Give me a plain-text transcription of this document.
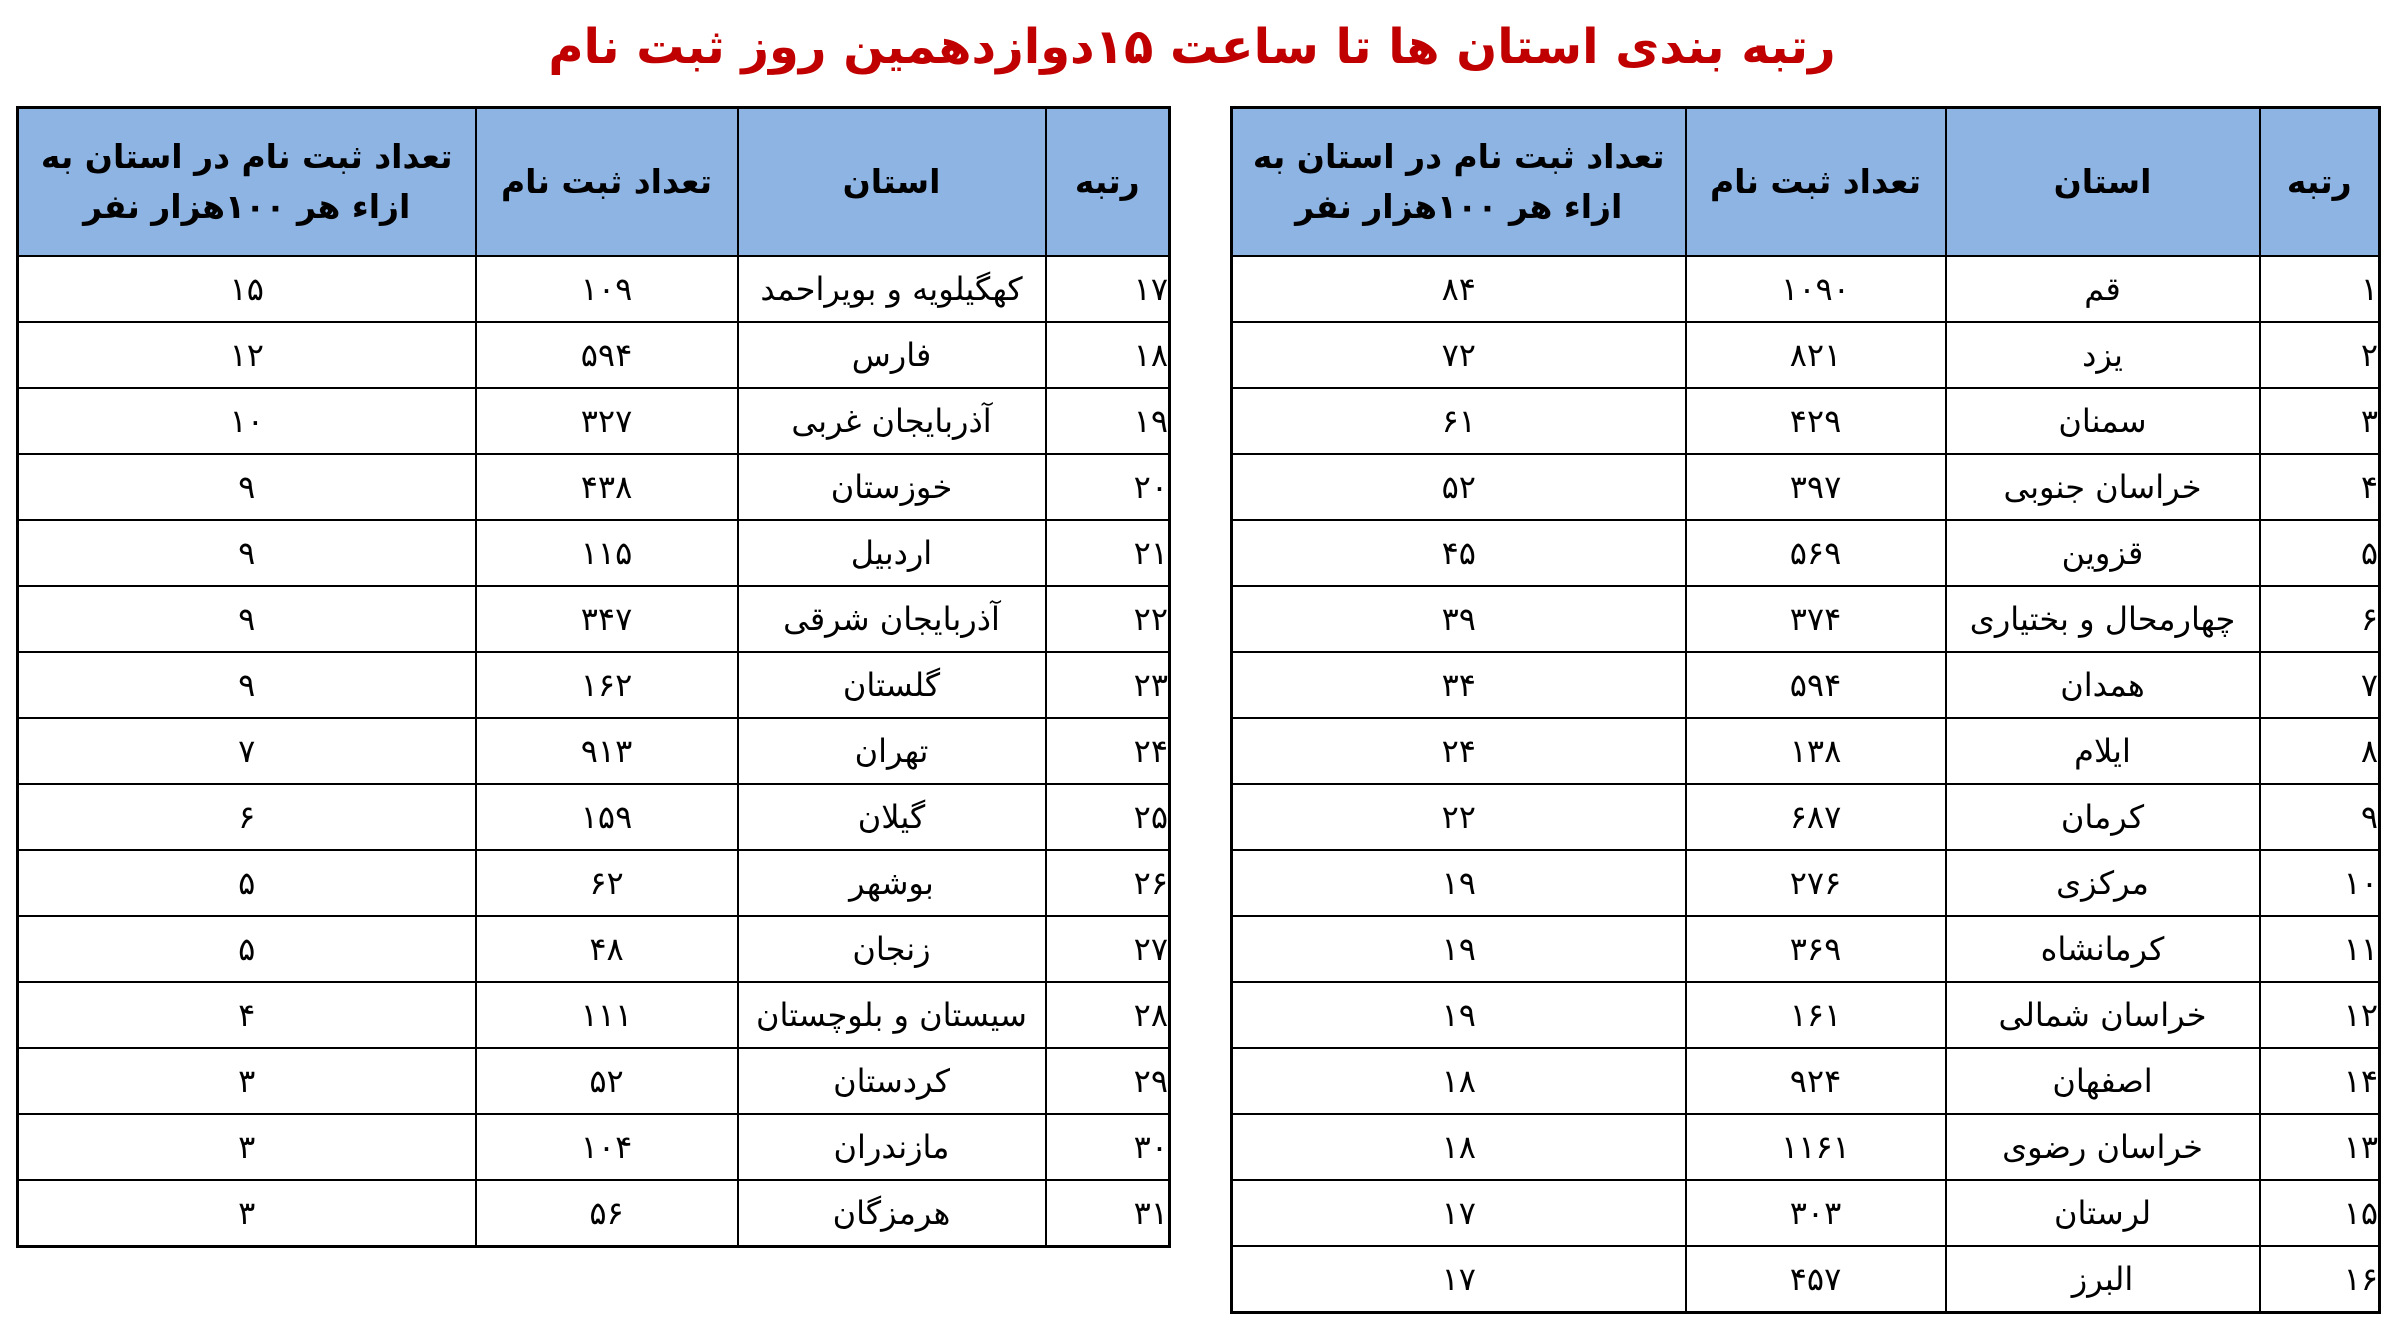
رتبه بندی استان ها تا ساعت ۱۵دوازدهمین روز ثبت نام
رتبه	استان	تعداد ثبت نام	تعداد ثبت نام در استان به ازاء هر ۱۰۰هزار نفر
۱	قم	۱۰۹۰	۸۴
۲	یزد	۸۲۱	۷۲
۳	سمنان	۴۲۹	۶۱
۴	خراسان جنوبی	۳۹۷	۵۲
۵	قزوین	۵۶۹	۴۵
۶	چهارمحال و بختیاری	۳۷۴	۳۹
۷	همدان	۵۹۴	۳۴
۸	ایلام	۱۳۸	۲۴
۹	کرمان	۶۸۷	۲۲
۱۰	مرکزی	۲۷۶	۱۹
۱۱	کرمانشاه	۳۶۹	۱۹
۱۲	خراسان شمالی	۱۶۱	۱۹
۱۴	اصفهان	۹۲۴	۱۸
۱۳	خراسان رضوی	۱۱۶۱	۱۸
۱۵	لرستان	۳۰۳	۱۷
۱۶	البرز	۴۵۷	۱۷
رتبه	استان	تعداد ثبت نام	تعداد ثبت نام در استان به ازاء هر ۱۰۰هزار نفر
۱۷	کهگیلویه و بویراحمد	۱۰۹	۱۵
۱۸	فارس	۵۹۴	۱۲
۱۹	آذربایجان غربی	۳۲۷	۱۰
۲۰	خوزستان	۴۳۸	۹
۲۱	اردبیل	۱۱۵	۹
۲۲	آذربایجان شرقی	۳۴۷	۹
۲۳	گلستان	۱۶۲	۹
۲۴	تهران	۹۱۳	۷
۲۵	گیلان	۱۵۹	۶
۲۶	بوشهر	۶۲	۵
۲۷	زنجان	۴۸	۵
۲۸	سیستان و بلوچستان	۱۱۱	۴
۲۹	کردستان	۵۲	۳
۳۰	مازندران	۱۰۴	۳
۳۱	هرمزگان	۵۶	۳
